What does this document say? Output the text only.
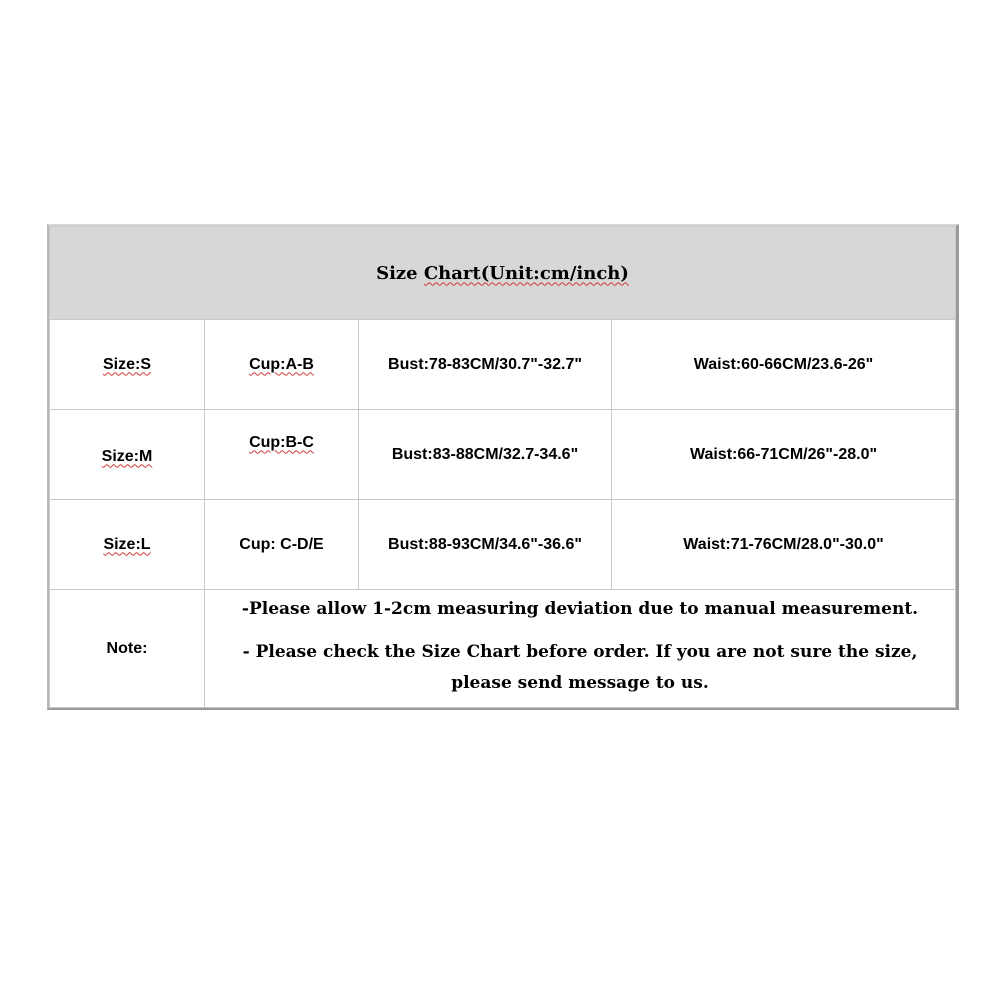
Size Chart(Unit:cm/inch)			
Size:S	Cup:A-B	Bust:78-83CM/30.7"-32.7"	Waist:60-66CM/23.6-26"
Size:M	Cup:B-C	Bust:83-88CM/32.7-34.6"	Waist:66-71CM/26"-28.0"
Size:L	Cup: C-D/E	Bust:88-93CM/34.6"-36.6"	Waist:71-76CM/28.0"-30.0"
Note:	-Please allow 1-2cm measuring deviation due to manual measurement.
- Please check the Size Chart before order. If you are not sure the size, please send message to us.		
